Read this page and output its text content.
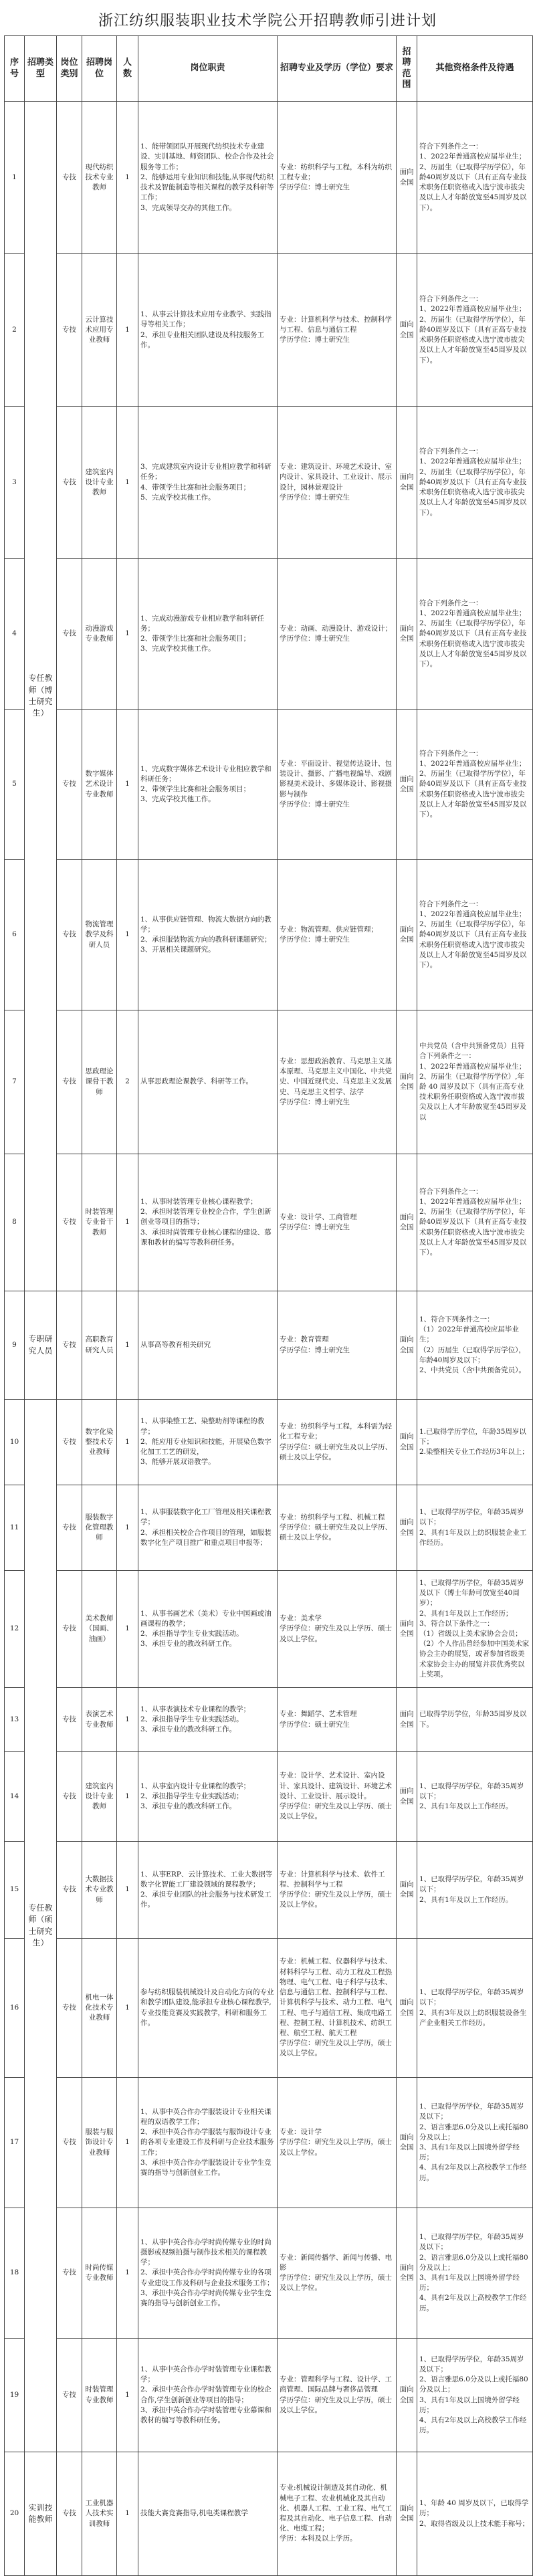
浙江纺织服装职业技术学院公开招聘教师引进计划
序号	招聘类型	岗位类别	招聘岗位	人数	岗位职责	招聘专业及学历（学位）要求	招聘范围	其他资格条件及待遇
1	专任教师（博士研究生）	专技	现代纺织技术专业教师	1	
1、能带领团队开展现代纺织技术专业建设、实训基地、师资团队、校企合作及社会服务等工作；
2、能够运用专业知识和技能,从事现代纺织技术及智能制造等相关课程的教学及科研等工作；
3、完成领导交办的其他工作。

专业：纺织科学与工程，本科为纺织工程专业；
学历学位：博士研究生
	面向全国	
符合下列条件之一：
1、2022年普通高校应届毕业生；
2、历届生（已取得学历学位），年龄40周岁及以下（具有正高专业技术职务任职资格或入选宁波市拔尖及以上人才年龄放宽至45周岁及以下）。

2	专技	云计算技术应用专业教师	1	
1、从事云计算技术应用专业教学、实践指导等相关工作；
2、承担专业相关团队建设及科技服务工作。

专业：计算机科学与技术、控制科学与工程、信息与通信工程
学历学位：博士研究生
	面向全国	
符合下列条件之一：
1、2022年普通高校应届毕业生；
2、历届生（已取得学历学位），年龄40周岁及以下（具有正高专业技术职务任职资格或入选宁波市拔尖及以上人才年龄放宽至45周岁及以下）。

3	专技	建筑室内设计专业教师	1	
3、完成建筑室内设计专业相应教学和科研任务；
4、带领学生比赛和社会服务项目；
5、完成学校其他工作。

专业：建筑设计、环境艺术设计、室内设计、家具设计、工业设计、展示设计，园林景观设计
学历学位：博士研究生
	面向全国	
符合下列条件之一：
1、2022年普通高校应届毕业生；
2、历届生（已取得学历学位），年龄40周岁及以下（具有正高专业技术职务任职资格或入选宁波市拔尖及以上人才年龄放宽至45周岁及以下）。

4	专技	动漫游戏专业教师	1	
1、完成动漫游戏专业相应教学和科研任务；
2、带领学生比赛和社会服务项目；
3、完成学校其他工作。

专业：动画、动漫设计、游戏设计；
学历学位：博士研究生
	面向全国	
符合下列条件之一：
1、2022年普通高校应届毕业生；
2、历届生（已取得学历学位），年龄40周岁及以下（具有正高专业技术职务任职资格或入选宁波市拔尖及以上人才年龄放宽至45周岁及以下）。

5	专技	数字媒体艺术设计专业教师	1	
1、完成数字媒体艺术设计专业相应教学和科研任务；
2、带领学生比赛和社会服务项目；
3、完成学校其他工作。

专业：平面设计、视觉传达设计、包装设计、摄影、广播电视编导、戏剧影视美术设计、多媒体设计、影视摄影与制作
学历学位：博士研究生
	面向全国	
符合下列条件之一：
1、2022年普通高校应届毕业生；
2、历届生（已取得学历学位），年龄40周岁及以下（具有正高专业技术职务任职资格或入选宁波市拔尖及以上人才年龄放宽至45周岁及以下）。

6	专技	物流管理教学及科研人员	1	
1、从事供应链管理、物流大数据方向的教学；
2、承担服装物流方向的教科研课题研究；
3、开展相关课题研究。

专业：物流管理、供应链管理；
学历学位：博士研究生
	面向全国	
符合下列条件之一：
1、2022年普通高校应届毕业生；
2、历届生（已取得学历学位），年龄40周岁及以下（具有正高专业技术职务任职资格或入选宁波市拔尖及以上人才年龄放宽至45周岁及以下）。

7	专技	思政理论课骨干教师	2	从事思政理论课教学、科研等工作。

专业：思想政治教育、马克思主义基本原理、马克思主义中国化、中共党史、中国近现代史、马克思主义发展史、马克思主义哲学、法学
学历学位：博士研究生
	面向全国	
中共党员（含中共预备党员）且符合下列条件之一：
1、2022年普通高校应届毕业生；
2、历届生（已取得学历学位）,年龄 40 周岁及以下（具有正高专业技术职务任职资格或入选宁波市拔尖及以上人才年龄放宽至45周岁及以

8	专技	时装管理专业骨干教师	1	
1、从事时装管理专业核心课程教学；
2、承担时装管理专业校企合作，学生创新创业等项目的指导；
3、承担时尚管理专业核心课程的建设、慕课和教材的编写等教科研任务。

专业：设计学、工商管理
学历学位：博士研究生
	面向全国	
符合下列条件之一：
1、2022年普通高校应届毕业生；
2、历届生（已取得学历学位），年龄40周岁及以下（具有正高专业技术职务任职资格或入选宁波市拔尖及以上人才年龄放宽至45周岁及以下）。

9	专职研究人员	专技	高职教育研究人员	1	从事高等教育相关研究

专业：教育管理
学历学位：博士研究生
	面向全国	
1、符合下列条件之一：
（1）2022年普通高校应届毕业生；
（2）历届生（已取得学历学位），年龄40周岁及以下；
2、中共党员（含中共预备党员）。

10	专任教师（硕士研究生）	专技	数字化染整技术专业教师	1	
1、从事染整工艺、染整助剂等课程的教学；
2、能应用专业知识和技能，开展染色数字化加工工艺的研发，
3、能够开展双语教学。

专业：纺织科学与工程，本科需为轻化工程专业；
学历学位：硕士研究生及以上学历、硕士及以上学位。
	面向全国	
1.已取得学历学位，年龄35周岁以下；
2.染整相关专业工作经历3年以上；

11	专技	服装数字化管理教师	1	
1、从事服装数字化工厂管理及相关课程教学；
2、承担相关校企合作项目的管理，如服装数字化生产项目推广和重点项目申报等；

专业：纺织科学与工程、机械工程
学历学位：硕士研究生及以上学历、硕士及以上学位。
	面向全国	
1、已取得学历学位，年龄35周岁以下；
2、具有1年及以上纺织服装企业工作经历。

12	专技	美术教师（国画、油画）	1	
1、从事书画艺术（美术）专业中国画或油画课程的教学；
2、承担指导学生专业实践活动。
3、承担专业的教改科研工作。

专业：美术学
学历学位：研究生及以上学历、硕士及以上学位。
	面向全国	
1、已取得学历学位，年龄35周岁及以下（博士年龄可放宽至40周岁）；
2、具有1年及以上工作经历；
3、符合以下条件之一：
（1）省级以上美术家协会会员；
（2）个人作品曾经参加中国美术家协会主办的展览，或者参加省级美术家协会主办的展览并获优秀奖以上奖项。

13	专技	表演艺术专业教师	1	
1、从事表演技术专业课程的教学；
2、承担指导学生专业实践活动。
3、承担专业的教改科研工作。

专业：舞蹈学、艺术管理
学历学位：硕士研究生
	面向全国	
已取得学历学位，年龄35周岁及以下。

14	专技	建筑室内设计专业教师	1	
1、从事室内设计专业课程的教学；
2、承担指导学生专业实践活动；
3、承担专业的教改科研工作。

专业：设计学、艺术设计、室内设计、家具设计、建筑设计、环境艺术设计、工业设计、展示设计。
学历学位：研究生及以上学历、硕士及以上学位。
	面向全国	
1、已取得学历学位，年龄35周岁以下；
2、具有1年及以上工作经历。

15	专技	大数据技术专业教师	1	
1、从事ERP、云计算技术、工业大数据等数字化智能工厂建设领域的课程教学；
2、承担专业团队的社会服务与技术研发工作。

专业：计算机科学与技术、软件工程、控制科学与工程
学历学位：研究生及以上学历，硕士及以上学位。
	面向全国	
1、已取得学历学位，年龄35周岁以下；
2、具有1年及以上工作经历。

16	专技	机电一体化技术专业教师	1	
参与纺织服装机械设计及自动化方向的专业和教学团队建设,能承担专业核心课程教学,专业技能竞赛及实践教学，科研和服务工作。

专业：机械工程、仪器科学与技术、材料科学与工程、动力工程及工程热物理、电气工程、电子科学与技术、信息与通信工程、控制科学与工程、计算机科学与技术、动力工程、电气工程、电子与通信工程、集成电路工程、控制工程、计算机技术、纺织工程、航空工程、航天工程
学历学位：研究生及以上学历，硕士及以上学位。
	面向全国	
1、已取得学历学位，年龄35周岁以下；
2、具有3年及以上纺织服装设备生产企业相关工作经历。

17	专技	服装与服饰设计专业教师	1	
1、从事中英合作办学服装设计专业相关课程的双语教学工作；
2、承担中英合作办学服装与服饰设计专业的各项专业建设工作及科研与企业技术服务工作；
3、承担中英合作办学服装设计专业学生竞赛的指导与创新创业工作。

专业：设计学
学历学位：研究生及以上学历，硕士及以上学位。
	面向全国	
1、已取得学历学位，年龄35周岁及以下；
2、语言雅思6.0分及以上或托福80分及以上；
3、具有1年及以上国境外留学经历；
4、具有2年及以上高校教学工作经历。

18	专技	时尚传媒专业教师	1	
1、从事中英合作办学时尚传媒专业的时尚摄影或视频拍摄与制作技术相关的课程教学；
2、承担中英合作办学时尚传媒专业的各项专业建设工作及科研与企业技术服务工作；
3、承担中英合作办学时尚传媒专业学生竞赛的指导与创新创业工作。

专业：新闻传播学、新闻与传播、电影
学历学位：研究生及以上学历，硕士及以上学位。
	面向全国	
1、已取得学历学位，年龄35周岁及以下；
2、语言雅思6.0分及以上或托福80分及以上；
3、具有1年及以上国境外留学经历；
4、具有2年及以上高校教学工作经历。

19	专技	时装管理专业教师	1	
1、从事中英合作办学时装管理专业课程教学；
2、承担中英合作办学时装管理专业的校企合作,学生创新创业等项目的指导；
3、承担中英合作办学时装管理专业慕课和教材的编写等教科研任务。

专业：管理科学与工程、设计学、工商管理、国际品牌与奢侈品管理
学历学位：研究生及以上学历，硕士及以上学位。
	面向全国	
1、已取得学历学位，年龄35周岁及以下；
2、语言雅思6.0分及以上或托福80分及以上；
3、具有1年及以上国境外留学经历；
4、具有2年及以上高校教学工作经历。

20	实训技能教师	专技	工业机器人技术实训教师	1	技能大赛竞赛指导,机电类课程教学

专业:机械设计制造及其自动化、机械电子工程、农业机械化及其自动化、机器人工程、工业工程、电气工程及其自动化、电子信息工程、自动化、电缆工程；
学历：本科及以上学历。
	面向全国	
1、年龄 40 周岁及以下，已取得学历；
2、取得省级及以上技术能手称号；
